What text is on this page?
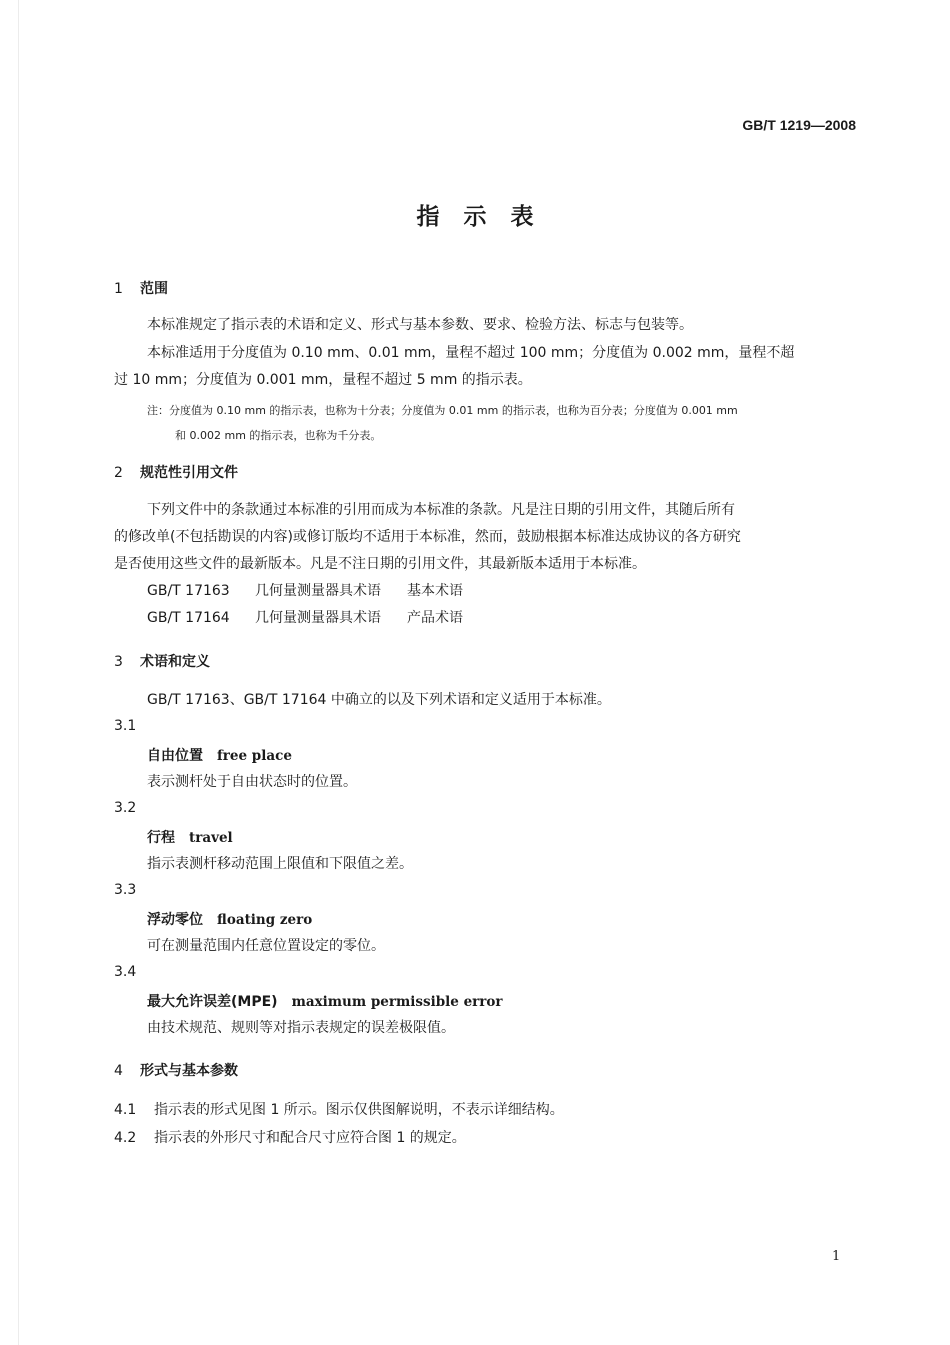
GB/T 1219—2008
指示表
1 范围
本标准规定了指示表的术语和定义、形式与基本参数、要求、检验方法、标志与包装等。
本标准适用于分度值为 0.10 mm、0.01 mm，量程不超过 100 mm；分度值为 0.002 mm，量程不超
过 10 mm；分度值为 0.001 mm，量程不超过 5 mm 的指示表。
注：分度值为 0.10 mm 的指示表，也称为十分表；分度值为 0.01 mm 的指示表，也称为百分表；分度值为 0.001 mm
和 0.002 mm 的指示表，也称为千分表。
2 规范性引用文件
下列文件中的条款通过本标准的引用而成为本标准的条款。凡是注日期的引用文件，其随后所有
的修改单(不包括勘误的内容)或修订版均不适用于本标准，然而，鼓励根据本标准达成协议的各方研究
是否使用这些文件的最新版本。凡是不注日期的引用文件，其最新版本适用于本标准。
GB/T 17163 几何量测量器具术语 基本术语
GB/T 17164 几何量测量器具术语 产品术语
3 术语和定义
GB/T 17163、GB/T 17164 中确立的以及下列术语和定义适用于本标准。
3.1
自由位置 free place
表示测杆处于自由状态时的位置。
3.2
行程 travel
指示表测杆移动范围上限值和下限值之差。
3.3
浮动零位 floating zero
可在测量范围内任意位置设定的零位。
3.4
最大允许误差(MPE) maximum permissible error
由技术规范、规则等对指示表规定的误差极限值。
4 形式与基本参数
4.1 指示表的形式见图 1 所示。图示仅供图解说明，不表示详细结构。
4.2 指示表的外形尺寸和配合尺寸应符合图 1 的规定。
1
